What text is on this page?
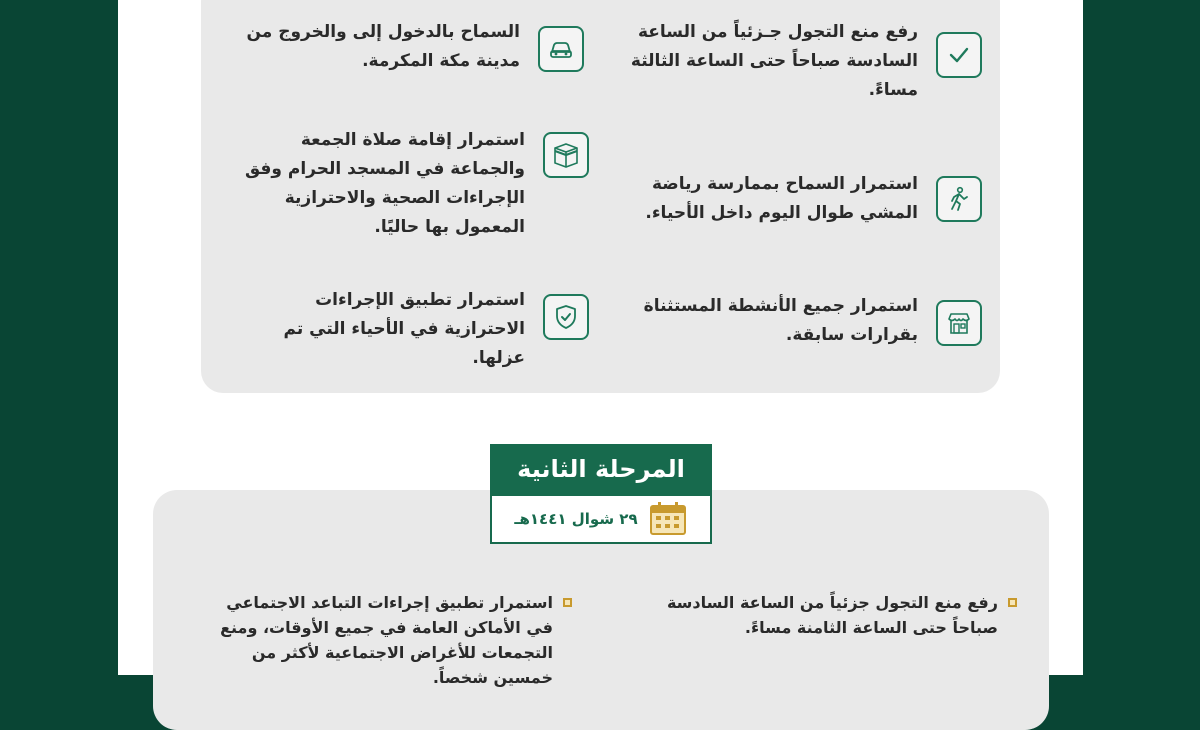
رفع منع التجول جـزئياً من الساعة السادسة صباحاً حتى الساعة الثالثة مساءً.
السماح بالدخول إلى والخروج من مدينة مكة المكرمة.
استمرار السماح بممارسة رياضة المشي طوال اليوم داخل الأحياء.
استمرار إقامة صلاة الجمعة والجماعة في المسجد الحرام وفق الإجراءات الصحية والاحترازية المعمول بها حاليًا.
استمرار جميع الأنشطة المستثناة بقرارات سابقة.
استمرار تطبيق الإجراءات الاحترازية في الأحياء التي تم عزلها.
المرحلة الثانية
٢٩ شوال ١٤٤١هـ
رفع منع التجول جزئياً من الساعة السادسة صباحاً حتى الساعة الثامنة مساءً.
استمرار تطبيق إجراءات التباعد الاجتماعي في الأماكن العامة في جميع الأوقات، ومنع التجمعات للأغراض الاجتماعية لأكثر من خمسين شخصاً.
